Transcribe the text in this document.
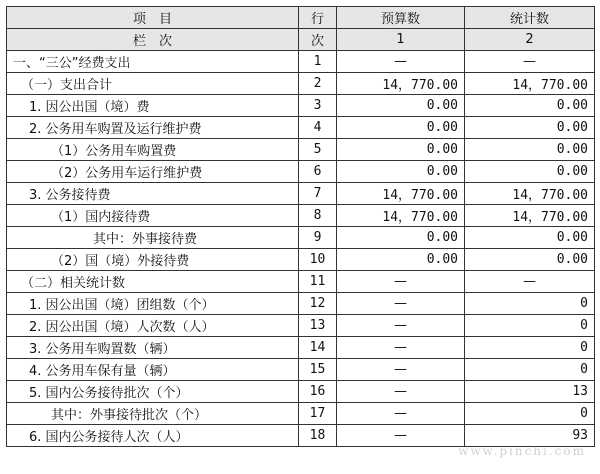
项　目	行	预算数	统计数
栏　次	次	1	2
一、“三公”经费支出	1	—	—
（一）支出合计	2	14，770.00	14，770.00
1. 因公出国（境）费	3	0.00	0.00
2. 公务用车购置及运行维护费	4	0.00	0.00
（1）公务用车购置费	5	0.00	0.00
（2）公务用车运行维护费	6	0.00	0.00
3. 公务接待费	7	14，770.00	14，770.00
（1）国内接待费	8	14，770.00	14，770.00
其中：外事接待费	9	0.00	0.00
（2）国（境）外接待费	10	0.00	0.00
（二）相关统计数	11	—	—
1. 因公出国（境）团组数（个）	12	—	0
2. 因公出国（境）人次数（人）	13	—	0
3. 公务用车购置数（辆）	14	—	0
4. 公务用车保有量（辆）	15	—	0
5. 国内公务接待批次（个）	16	—	13
其中：外事接待批次（个）	17	—	0
6. 国内公务接待人次（人）	18	—	93
www.pinchi.com
